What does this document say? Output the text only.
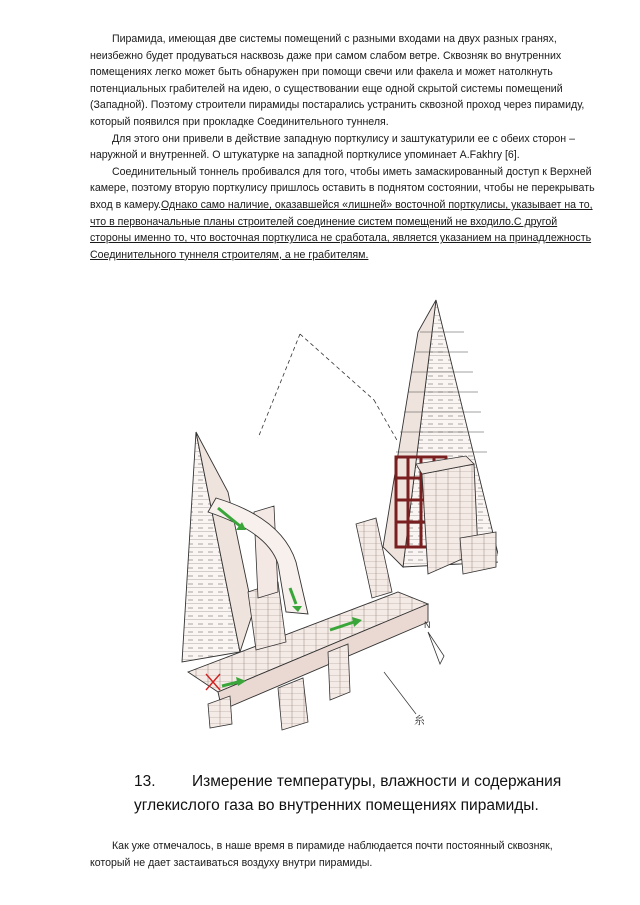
Пирамида, имеющая две системы помещений с разными входами на двух разных гранях, неизбежно будет продуваться насквозь даже при самом слабом ветре. Сквозняк во внутренних помещениях легко может быть обнаружен при помощи свечи или факела и может натолкнуть потенциальных грабителей на идею, о существовании еще одной скрытой системы помещений (Западной). Поэтому строители пирамиды постарались устранить сквозной проход через пирамиду, который появился при прокладке Соединительного туннеля.

Для этого они привели в действие западную порткулису и заштукатурили ее с обеих сторон – наружной и внутренней. О штукатурке на западной порткулисе упоминает A.Fakhry [6].

Соединительный тоннель пробивался для того, чтобы иметь замаскированный доступ к Верхней камере, поэтому вторую порткулису пришлось оставить в поднятом состоянии, чтобы не перекрывать вход в камеру.Однако само наличие, оказавшейся «лишней» восточной порткулисы, указывает на то, что в первоначальные планы строителей соединение систем помещений не входило.С другой стороны именно то, что восточная порткулиса не сработала, является указанием на принадлежность Соединительного туннеля строителям, а не грабителям.

N
糸
13. Измерение температуры, влажности и содержания
углекислого газа во внутренних помещениях пирамиды.

Как уже отмечалось, в наше время в пирамиде наблюдается почти постоянный сквозняк, который не дает застаиваться воздуху внутри пирамиды.
